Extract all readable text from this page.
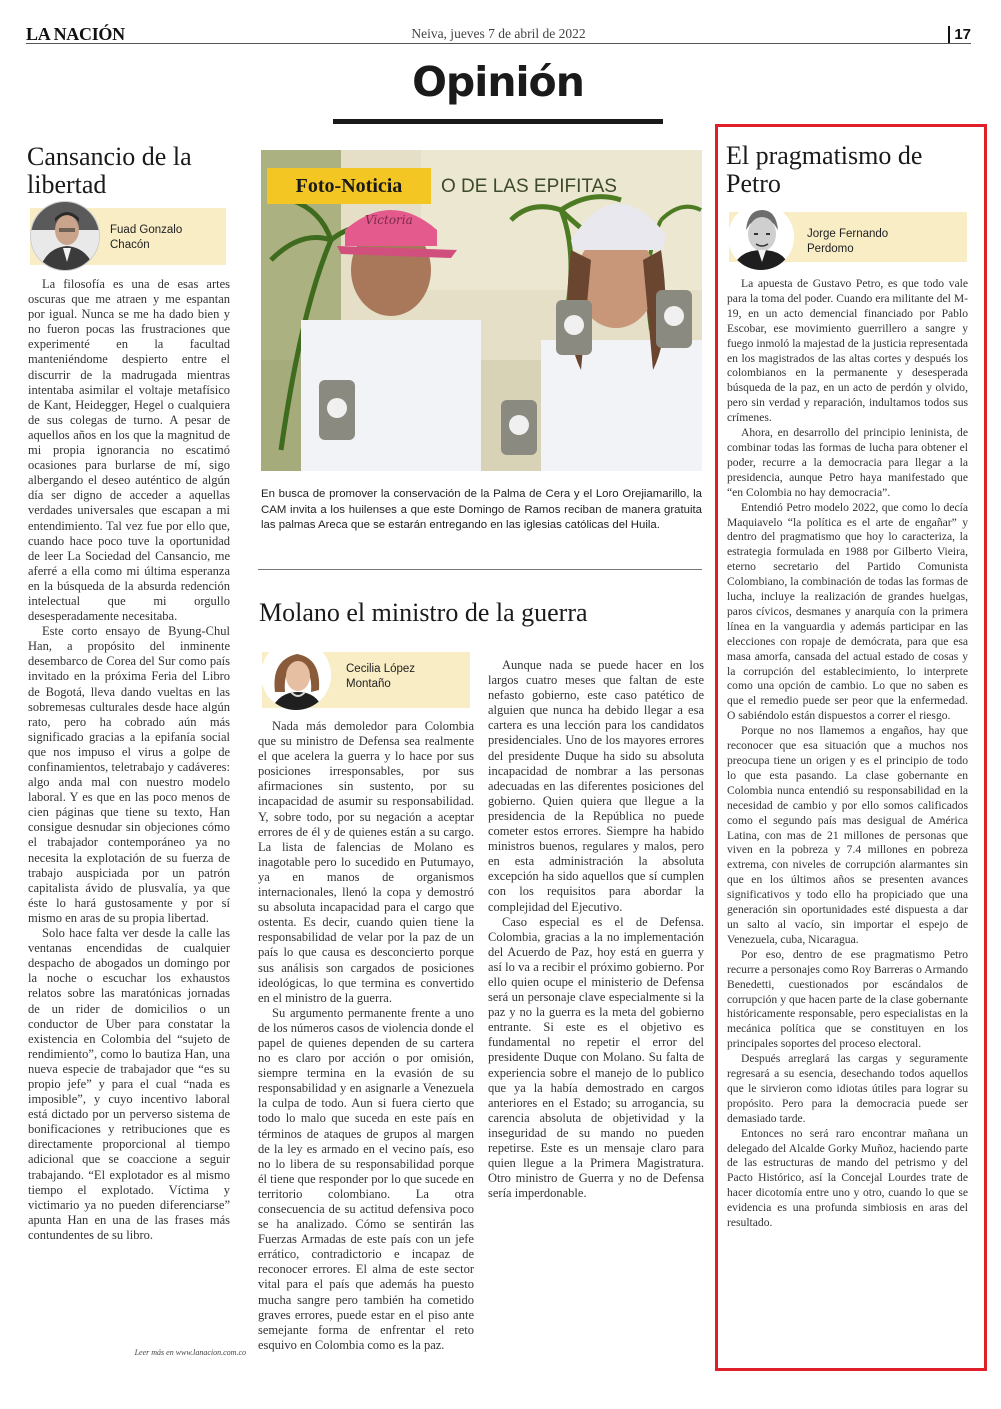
LA NACIÓN	Neiva, jueves 7 de abril de 2022	17
Opinión
Cansancio de la libertad
Fuad Gonzalo
Chacón

La filosofía es una de esas artes oscuras que me atraen y me espantan por igual. Nunca se me ha dado bien y no fueron pocas las frustraciones que experimenté en la facultad manteniéndome despierto entre el discurrir de la madrugada mientras intentaba asimilar el voltaje metafísico de Kant, Heidegger, Hegel o cualquiera de sus colegas de turno. A pesar de aquellos años en los que la magnitud de mi propia ignorancia no escatimó ocasiones para burlarse de mí, sigo albergando el deseo auténtico de algún día ser digno de acceder a aquellas verdades universales que escapan a mi entendimiento. Tal vez fue por ello que, cuando hace poco tuve la oportunidad de leer La Sociedad del Cansancio, me aferré a ella como mi última esperanza en la búsqueda de la absurda redención intelectual que mi orgullo desesperadamente necesitaba.

Este corto ensayo de Byung-Chul Han, a propósito del inminente desembarco de Corea del Sur como país invitado en la próxima Feria del Libro de Bogotá, lleva dando vueltas en las sobremesas culturales desde hace algún rato, pero ha cobrado aún más significado gracias a la epifanía social que nos impuso el virus a golpe de confinamientos, teletrabajo y cadáveres: algo anda mal con nuestro modelo laboral. Y es que en las poco menos de cien páginas que tiene su texto, Han consigue desnudar sin objeciones cómo el trabajador contemporáneo ya no necesita la explotación de su fuerza de trabajo auspiciada por un patrón capitalista ávido de plusvalía, ya que éste lo hará gustosamente y por sí mismo en aras de su propia libertad.

Solo hace falta ver desde la calle las ventanas encendidas de cualquier despacho de abogados un domingo por la noche o escuchar los exhaustos relatos sobre las maratónicas jornadas de un rider de domicilios o un conductor de Uber para constatar la existencia en Colombia del “sujeto de rendimiento”, como lo bautiza Han, una nueva especie de trabajador que “es su propio jefe” y para el cual “nada es imposible”, y cuyo incentivo laboral está dictado por un perverso sistema de bonificaciones y retribuciones que es directamente proporcional al tiempo adicional que se coaccione a seguir trabajando. “El explotador es al mismo tiempo el explotado. Víctima y victimario ya no pueden diferenciarse” apunta Han en una de las frases más contundentes de su libro.

Leer más en www.lanacion.com.co
O DE LAS EPIFITAS
Victoria
Foto-Noticia
En busca de promover la conservación de la Palma de Cera y el Loro Orejiamarillo, la CAM invita a los huilenses a que este Domingo de Ramos reciban de manera gratuita las palmas Areca que se estarán entregando en las iglesias católicas del Huila.
Molano el ministro de la guerra
Cecilia López
Montaño

Nada más demoledor para Colombia que su ministro de Defensa sea realmente el que acelera la guerra y lo hace por sus posiciones irresponsables, por sus afirmaciones sin sustento, por su incapacidad de asumir su responsabilidad. Y, sobre todo, por su negación a aceptar errores de él y de quienes están a su cargo. La lista de falencias de Molano es inagotable pero lo sucedido en Putumayo, ya en manos de organismos internacionales, llenó la copa y demostró su absoluta incapacidad para el cargo que ostenta. Es decir, cuando quien tiene la responsabilidad de velar por la paz de un país lo que causa es desconcierto porque sus análisis son cargados de posiciones ideológicas, lo que termina es convertido en el ministro de la guerra.

Su argumento permanente frente a uno de los números casos de violencia donde el papel de quienes dependen de su cartera no es claro por acción o por omisión, siempre termina en la evasión de su responsabilidad y en asignarle a Venezuela la culpa de todo. Aun si fuera cierto que todo lo malo que suceda en este país en términos de ataques de grupos al margen de la ley es armado en el vecino país, eso no lo libera de su responsabilidad porque él tiene que responder por lo que sucede en territorio colombiano. La otra consecuencia de su actitud defensiva poco se ha analizado. Cómo se sentirán las Fuerzas Armadas de este país con un jefe errático, contradictorio e incapaz de reconocer errores. El alma de este sector vital para el país que además ha puesto mucha sangre pero también ha cometido graves errores, puede estar en el piso ante semejante forma de enfrentar el reto esquivo en Colombia como es la paz.

Aunque nada se puede hacer en los largos cuatro meses que faltan de este nefasto gobierno, este caso patético de alguien que nunca ha debido llegar a esa cartera es una lección para los candidatos presidenciales. Uno de los mayores errores del presidente Duque ha sido su absoluta incapacidad de nombrar a las personas adecuadas en las diferentes posiciones del gobierno. Quien quiera que llegue a la presidencia de la República no puede cometer estos errores. Siempre ha habido ministros buenos, regulares y malos, pero en esta administración la absoluta excepción ha sido aquellos que sí cumplen con los requisitos para abordar la complejidad del Ejecutivo.

Caso especial es el de Defensa. Colombia, gracias a la no implementación del Acuerdo de Paz, hoy está en guerra y así lo va a recibir el próximo gobierno. Por ello quien ocupe el ministerio de Defensa será un personaje clave especialmente si la paz y no la guerra es la meta del gobierno entrante. Si este es el objetivo es fundamental no repetir el error del presidente Duque con Molano. Su falta de experiencia sobre el manejo de lo publico que ya la había demostrado en cargos anteriores en el Estado; su arrogancia, su carencia absoluta de objetividad y la inseguridad de su mando no pueden repetirse. Este es un mensaje claro para quien llegue a la Primera Magistratura. Otro ministro de Guerra y no de Defensa sería imperdonable.

El pragmatismo de Petro
Jorge Fernando
Perdomo

La apuesta de Gustavo Petro, es que todo vale para la toma del poder. Cuando era militante del M-19, en un acto demencial financiado por Pablo Escobar, ese movimiento guerrillero a sangre y fuego inmoló la majestad de la justicia representada en los magistrados de las altas cortes y después los colombianos en la permanente y desesperada búsqueda de la paz, en un acto de perdón y olvido, pero sin verdad y reparación, indultamos todos sus crímenes.

Ahora, en desarrollo del principio leninista, de combinar todas las formas de lucha para obtener el poder, recurre a la democracia para llegar a la presidencia, aunque Petro haya manifestado que “en Colombia no hay democracia”.

Entendió Petro modelo 2022, que como lo decía Maquiavelo “la política es el arte de engañar” y dentro del pragmatismo que hoy lo caracteriza, la estrategia formulada en 1988 por Gilberto Vieira, eterno secretario del Partido Comunista Colombiano, la combinación de todas las formas de lucha, incluye la realización de grandes huelgas, paros cívicos, desmanes y anarquía con la primera línea en la vanguardia y además participar en las elecciones con ropaje de demócrata, para que esa masa amorfa, cansada del actual estado de cosas y la corrupción del establecimiento, lo interprete como una opción de cambio. Lo que no saben es que el remedio puede ser peor que la enfermedad. O sabiéndolo están dispuestos a correr el riesgo.

Porque no nos llamemos a engaños, hay que reconocer que esa situación que a muchos nos preocupa tiene un origen y es el principio de todo lo que esta pasando. La clase gobernante en Colombia nunca entendió su responsabilidad en la necesidad de cambio y por ello somos calificados como el segundo país mas desigual de América Latina, con mas de 21 millones de personas que viven en la pobreza y 7.4 millones en pobreza extrema, con niveles de corrupción alarmantes sin que en los últimos años se presenten avances significativos y todo ello ha propiciado que una generación sin oportunidades esté dispuesta a dar un salto al vacío, sin importar el espejo de Venezuela, cuba, Nicaragua.

Por eso, dentro de ese pragmatismo Petro recurre a personajes como Roy Barreras o Armando Benedetti, cuestionados por escándalos de corrupción y que hacen parte de la clase gobernante históricamente responsable, pero especialistas en la mecánica política que se constituyen en los principales soportes del proceso electoral.

Después arreglará las cargas y seguramente regresará a su esencia, desechando todos aquellos que le sirvieron como idiotas útiles para lograr su propósito. Pero para la democracia puede ser demasiado tarde.

Entonces no será raro encontrar mañana un delegado del Alcalde Gorky Muñoz, haciendo parte de las estructuras de mando del petrismo y del Pacto Histórico, así la Concejal Lourdes trate de hacer dicotomía entre uno y otro, cuando lo que se evidencia es una profunda simbiosis en aras del resultado.
